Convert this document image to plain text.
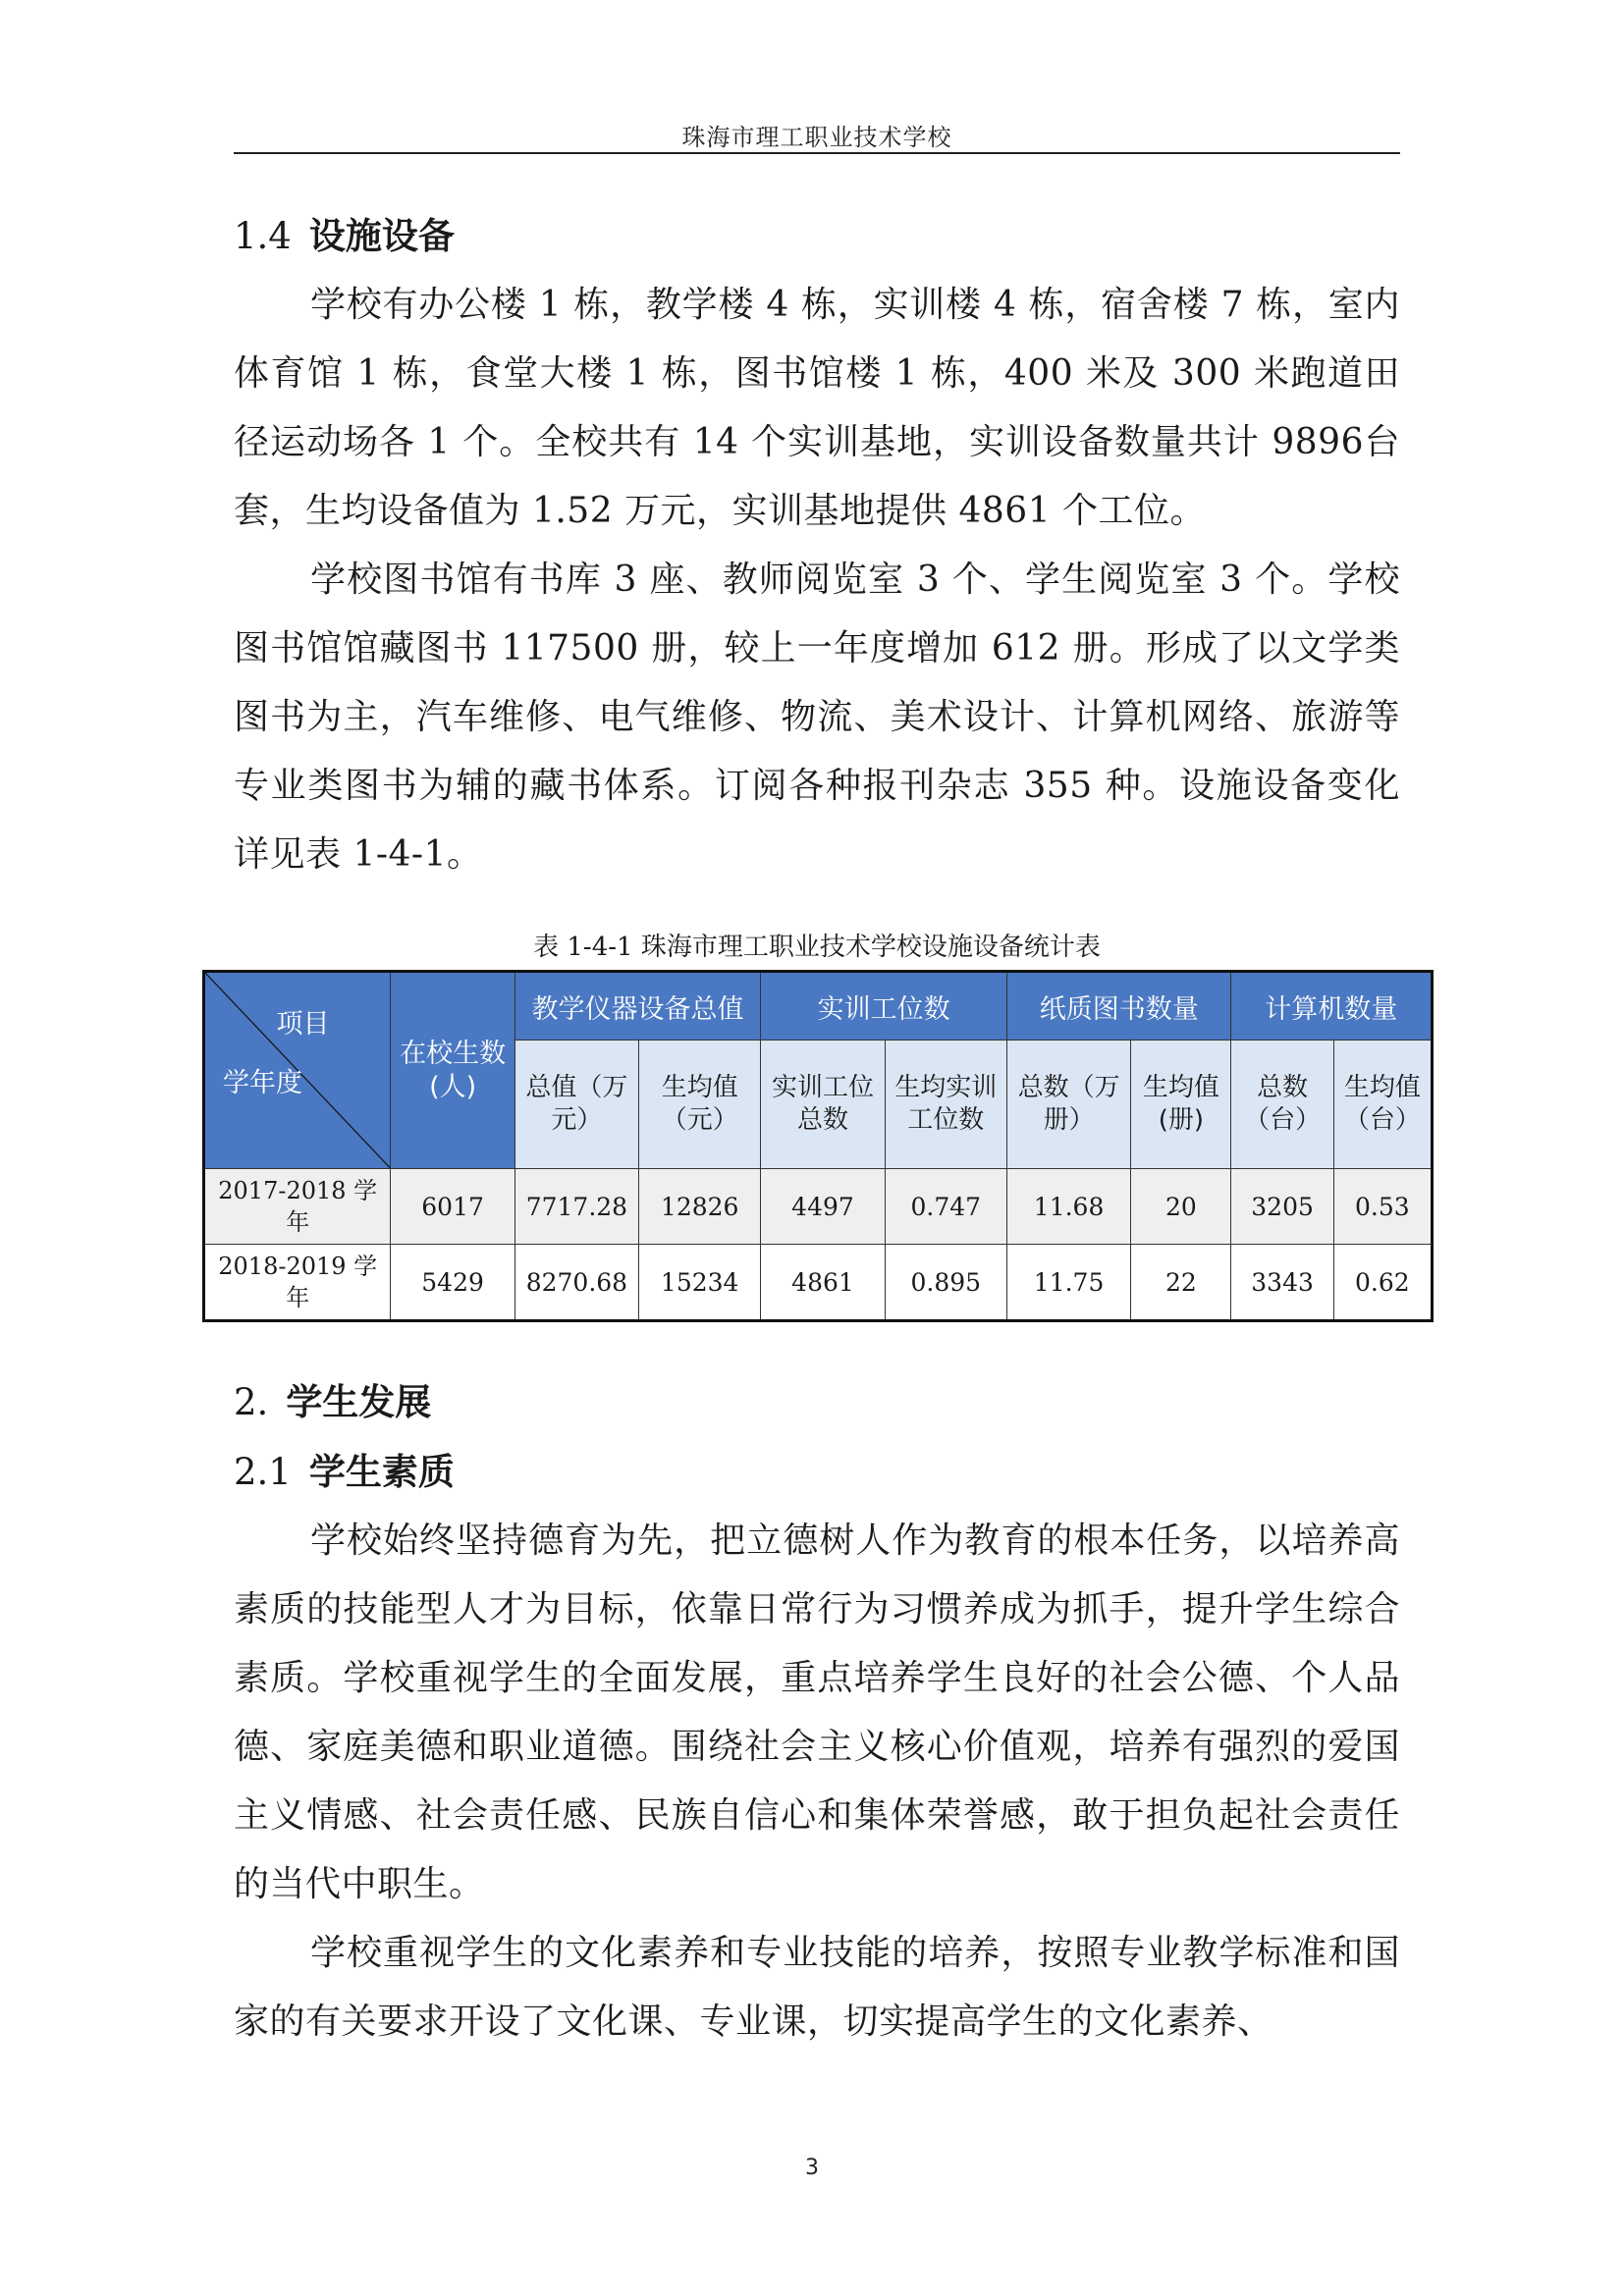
珠海市理工职业技术学校
1.4 设施设备

学校有办公楼 1 栋，教学楼 4 栋，实训楼 4 栋，宿舍楼 7 栋，室内体育馆 1 栋，食堂大楼 1 栋，图书馆楼 1 栋，400 米及 300 米跑道田径运动场各 1 个。全校共有 14 个实训基地，实训设备数量共计 9896台套，生均设备值为 1.52 万元，实训基地提供 4861 个工位。

学校图书馆有书库 3 座、教师阅览室 3 个、学生阅览室 3 个。学校图书馆馆藏图书 117500 册，较上一年度增加 612 册。形成了以文学类图书为主，汽车维修、电气维修、物流、美术设计、计算机网络、旅游等专业类图书为辅的藏书体系。订阅各种报刊杂志 355 种。设施设备变化详见表 1-4-1。

表 1-4-1 珠海市理工职业技术学校设施设备统计表
项目
学年度	在校生数(人)	教学仪器设备总值		实训工位数		纸质图书数量		计算机数量	
		总值（万元）	生均值（元）	实训工位总数	生均实训工位数	总数（万册）	生均值(册)	总数（台）	生均值（台）
2017-2018 学年	6017	7717.28	12826	4497	0.747	11.68	20	3205	0.53
2018-2019 学年	5429	8270.68	15234	4861	0.895	11.75	22	3343	0.62
2. 学生发展
2.1 学生素质

学校始终坚持德育为先，把立德树人作为教育的根本任务，以培养高素质的技能型人才为目标，依靠日常行为习惯养成为抓手，提升学生综合素质。学校重视学生的全面发展，重点培养学生良好的社会公德、个人品德、家庭美德和职业道德。围绕社会主义核心价值观，培养有强烈的爱国主义情感、社会责任感、民族自信心和集体荣誉感，敢于担负起社会责任的当代中职生。

学校重视学生的文化素养和专业技能的培养，按照专业教学标准和国家的有关要求开设了文化课、专业课，切实提高学生的文化素养、

3
